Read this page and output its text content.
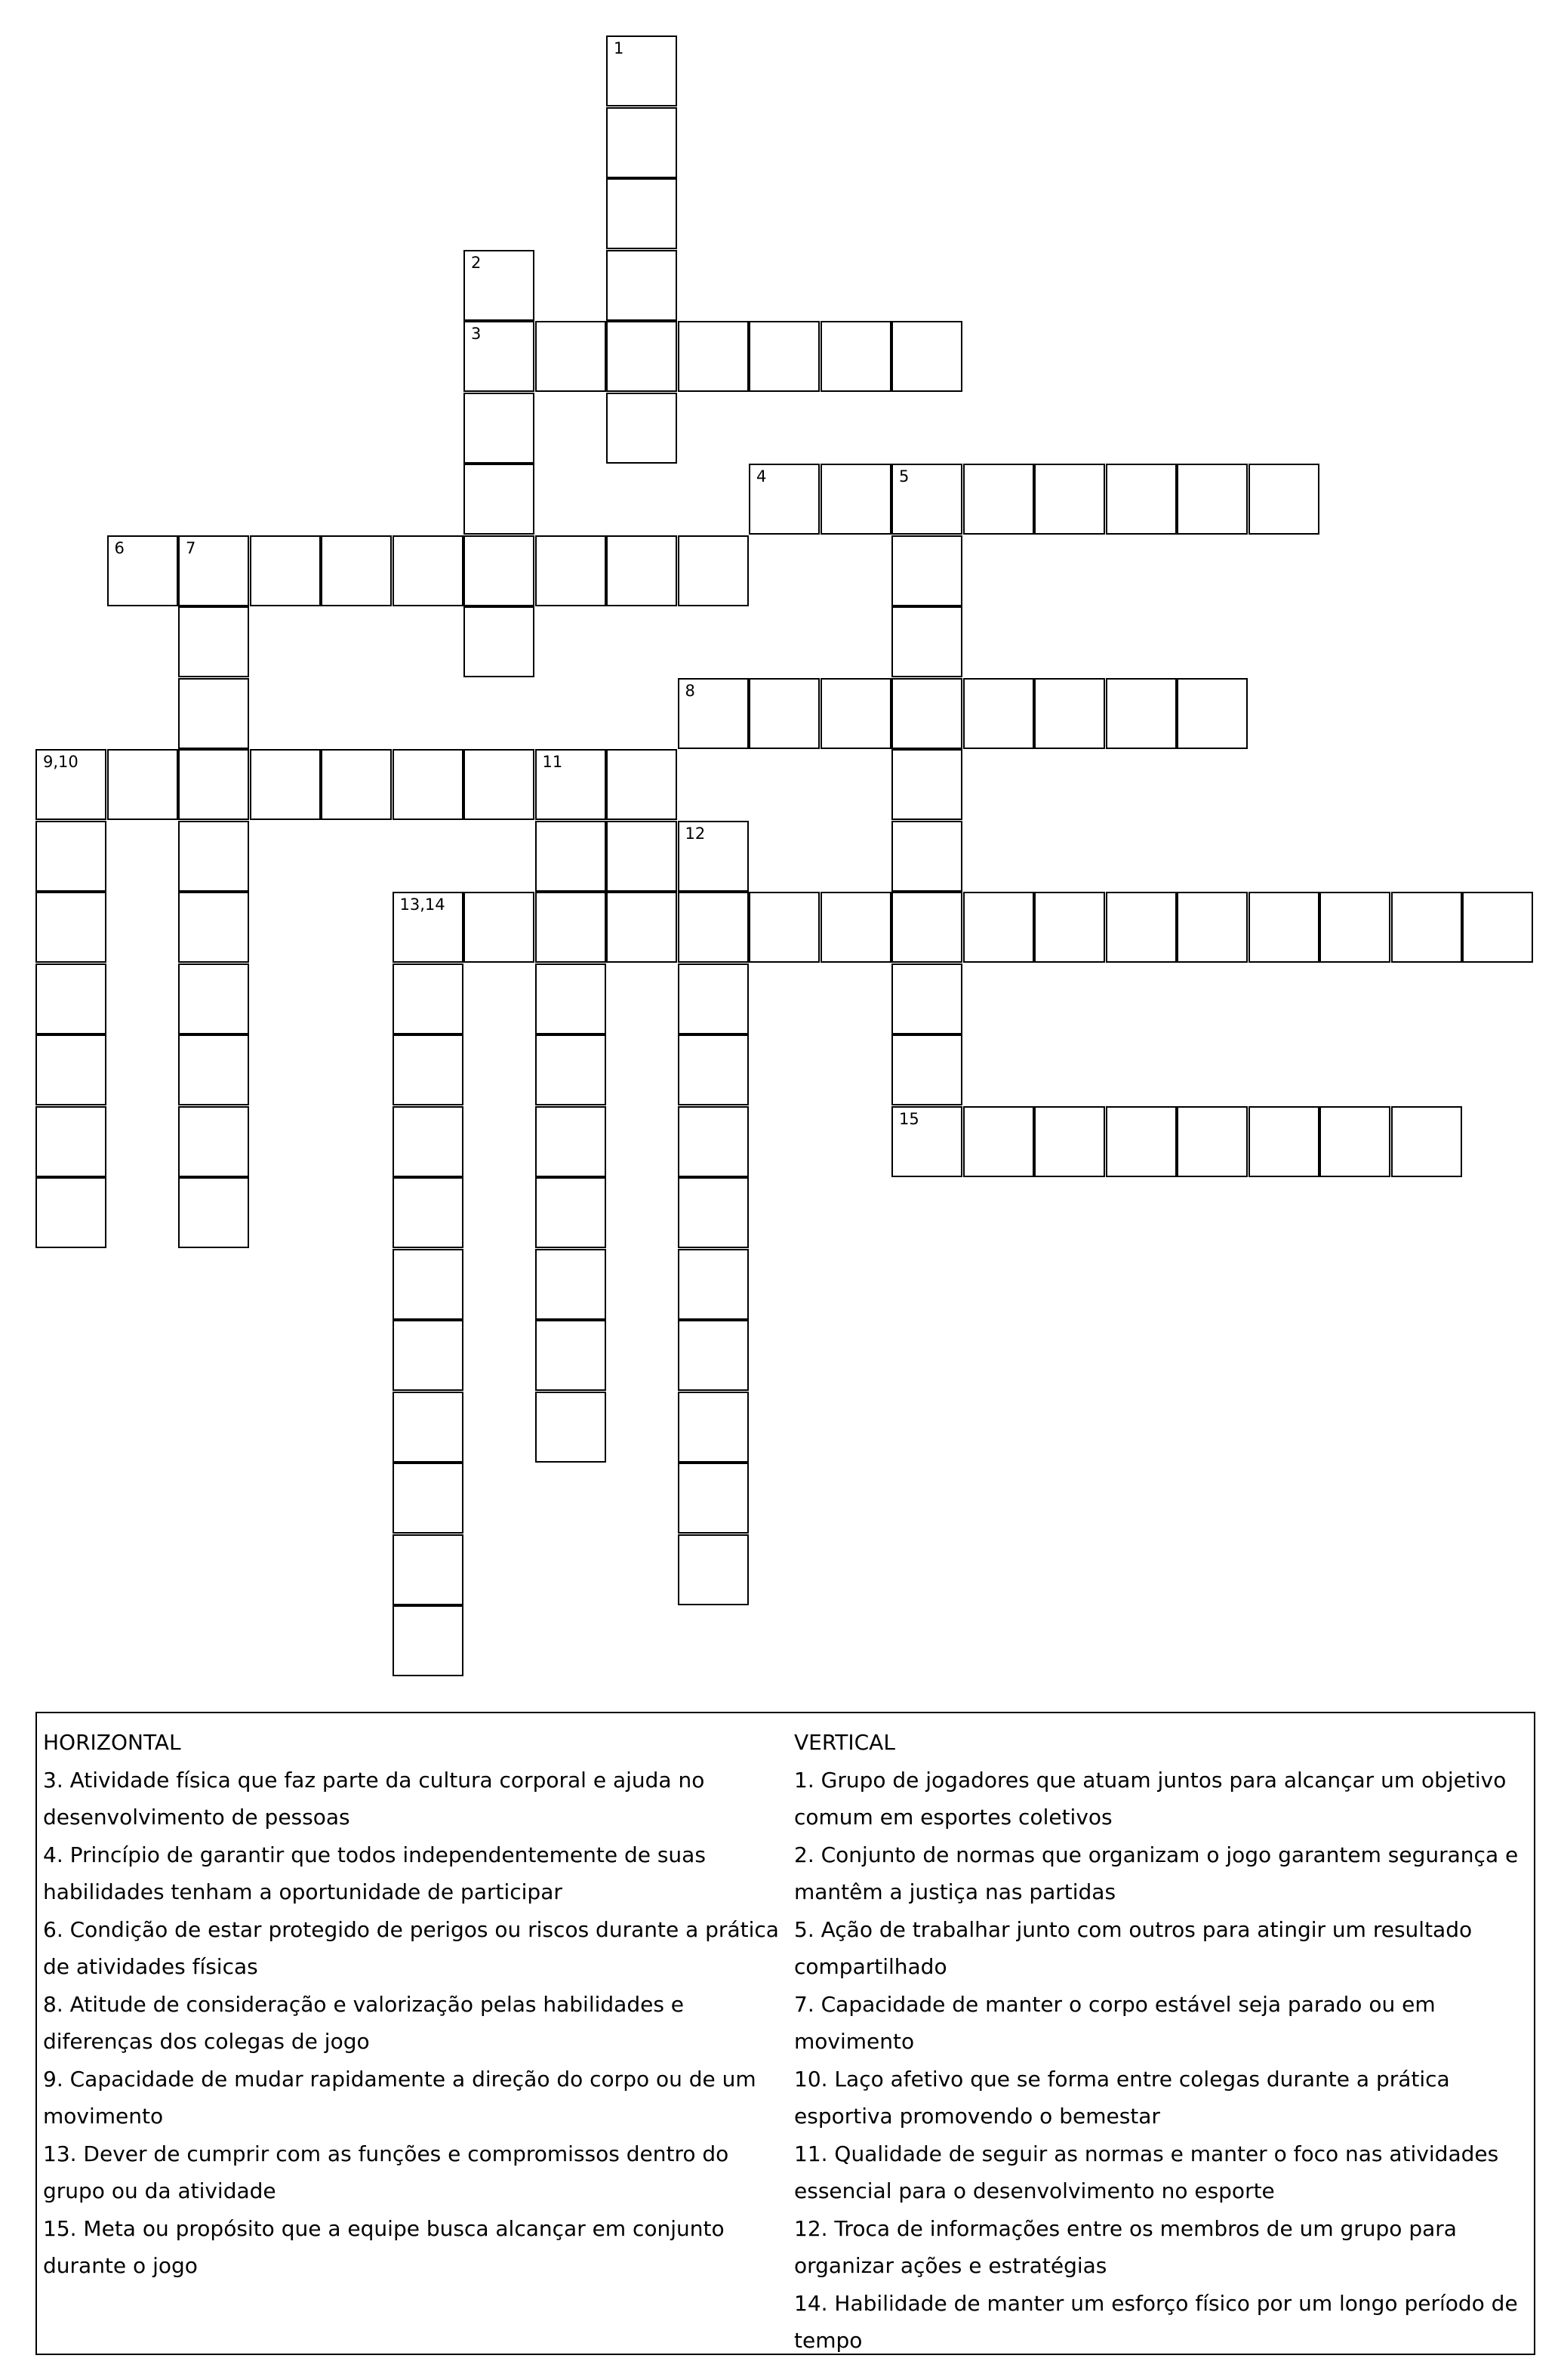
1
2
3
4	5
15
6	7
8
9,10	11
12
13,14
HORIZONTAL
3. Atividade física que faz parte da cultura corporal e ajuda no desenvolvimento de pessoas
4. Princípio de garantir que todos independentemente de suas habilidades tenham a oportunidade de participar
6. Condição de estar protegido de perigos ou riscos durante a prática de atividades físicas
8. Atitude de consideração e valorização pelas habilidades e diferenças dos colegas de jogo
9. Capacidade de mudar rapidamente a direção do corpo ou de um movimento
13. Dever de cumprir com as funções e compromissos dentro do grupo ou da atividade
15. Meta ou propósito que a equipe busca alcançar em conjunto durante o jogo
VERTICAL
1. Grupo de jogadores que atuam juntos para alcançar um objetivo comum em esportes coletivos
2. Conjunto de normas que organizam o jogo garantem segurança e mantêm a justiça nas partidas
5. Ação de trabalhar junto com outros para atingir um resultado compartilhado
7. Capacidade de manter o corpo estável seja parado ou em movimento
10. Laço afetivo que se forma entre colegas durante a prática esportiva promovendo o bemestar
11. Qualidade de seguir as normas e manter o foco nas atividades essencial para o desenvolvimento no esporte
12. Troca de informações entre os membros de um grupo para organizar ações e estratégias
14. Habilidade de manter um esforço físico por um longo período de tempo
